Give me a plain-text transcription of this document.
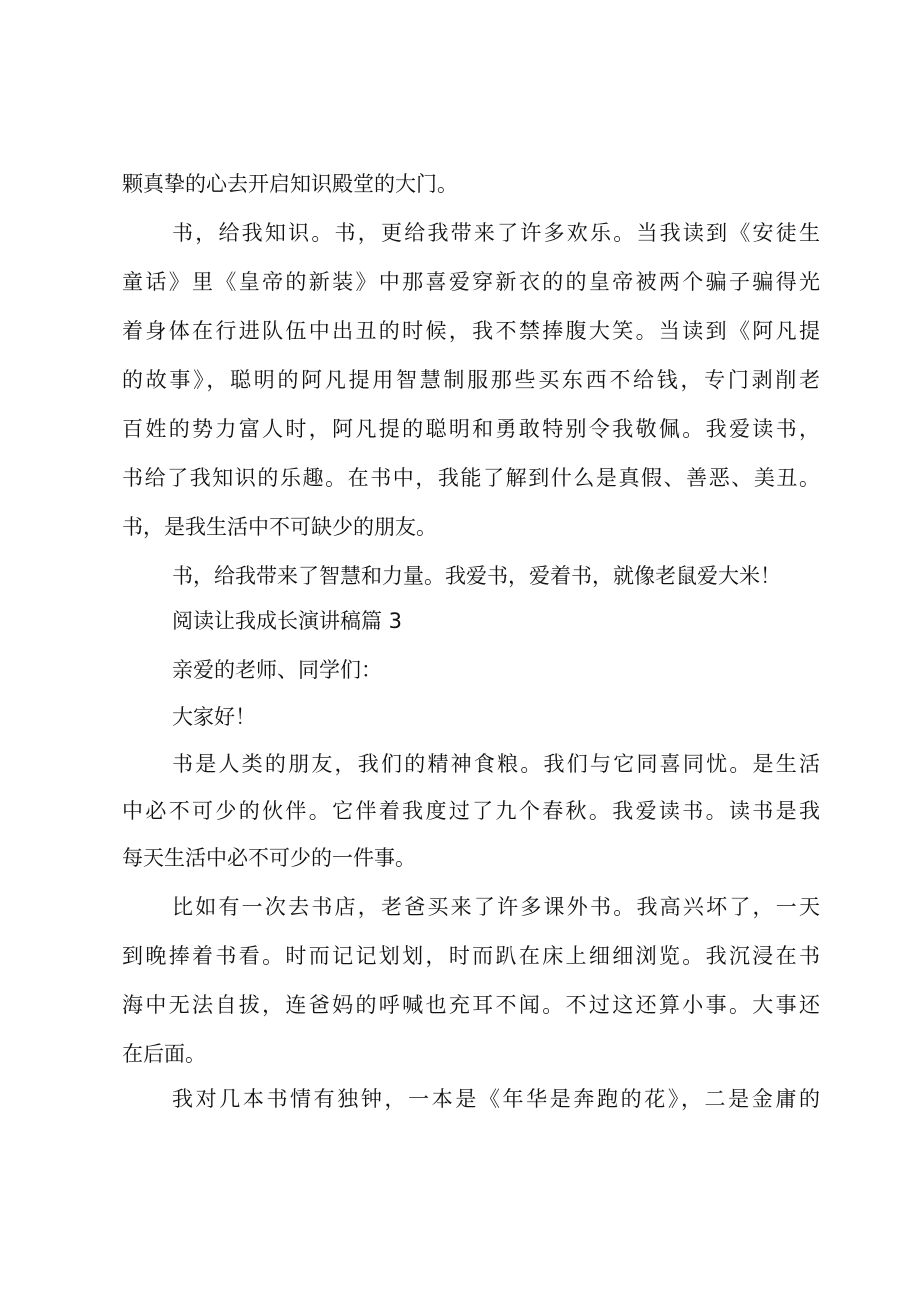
颗真挚的心去开启知识殿堂的大门。
书，给我知识。书，更给我带来了许多欢乐。当我读到《安徒生
童话》里《皇帝的新装》中那喜爱穿新衣的的皇帝被两个骗子骗得光
着身体在行进队伍中出丑的时候，我不禁捧腹大笑。当读到《阿凡提
的故事》，聪明的阿凡提用智慧制服那些买东西不给钱，专门剥削老
百姓的势力富人时，阿凡提的聪明和勇敢特别令我敬佩。我爱读书，
书给了我知识的乐趣。在书中，我能了解到什么是真假、善恶、美丑。
书，是我生活中不可缺少的朋友。
书，给我带来了智慧和力量。我爱书，爱着书，就像老鼠爱大米！
阅读让我成长演讲稿篇 3
亲爱的老师、同学们：
大家好！
书是人类的朋友，我们的精神食粮。我们与它同喜同忧。是生活
中必不可少的伙伴。它伴着我度过了九个春秋。我爱读书。读书是我
每天生活中必不可少的一件事。
比如有一次去书店，老爸买来了许多课外书。我高兴坏了，一天
到晚捧着书看。时而记记划划，时而趴在床上细细浏览。我沉浸在书
海中无法自拔，连爸妈的呼喊也充耳不闻。不过这还算小事。大事还
在后面。
我对几本书情有独钟，一本是《年华是奔跑的花》，二是金庸的
